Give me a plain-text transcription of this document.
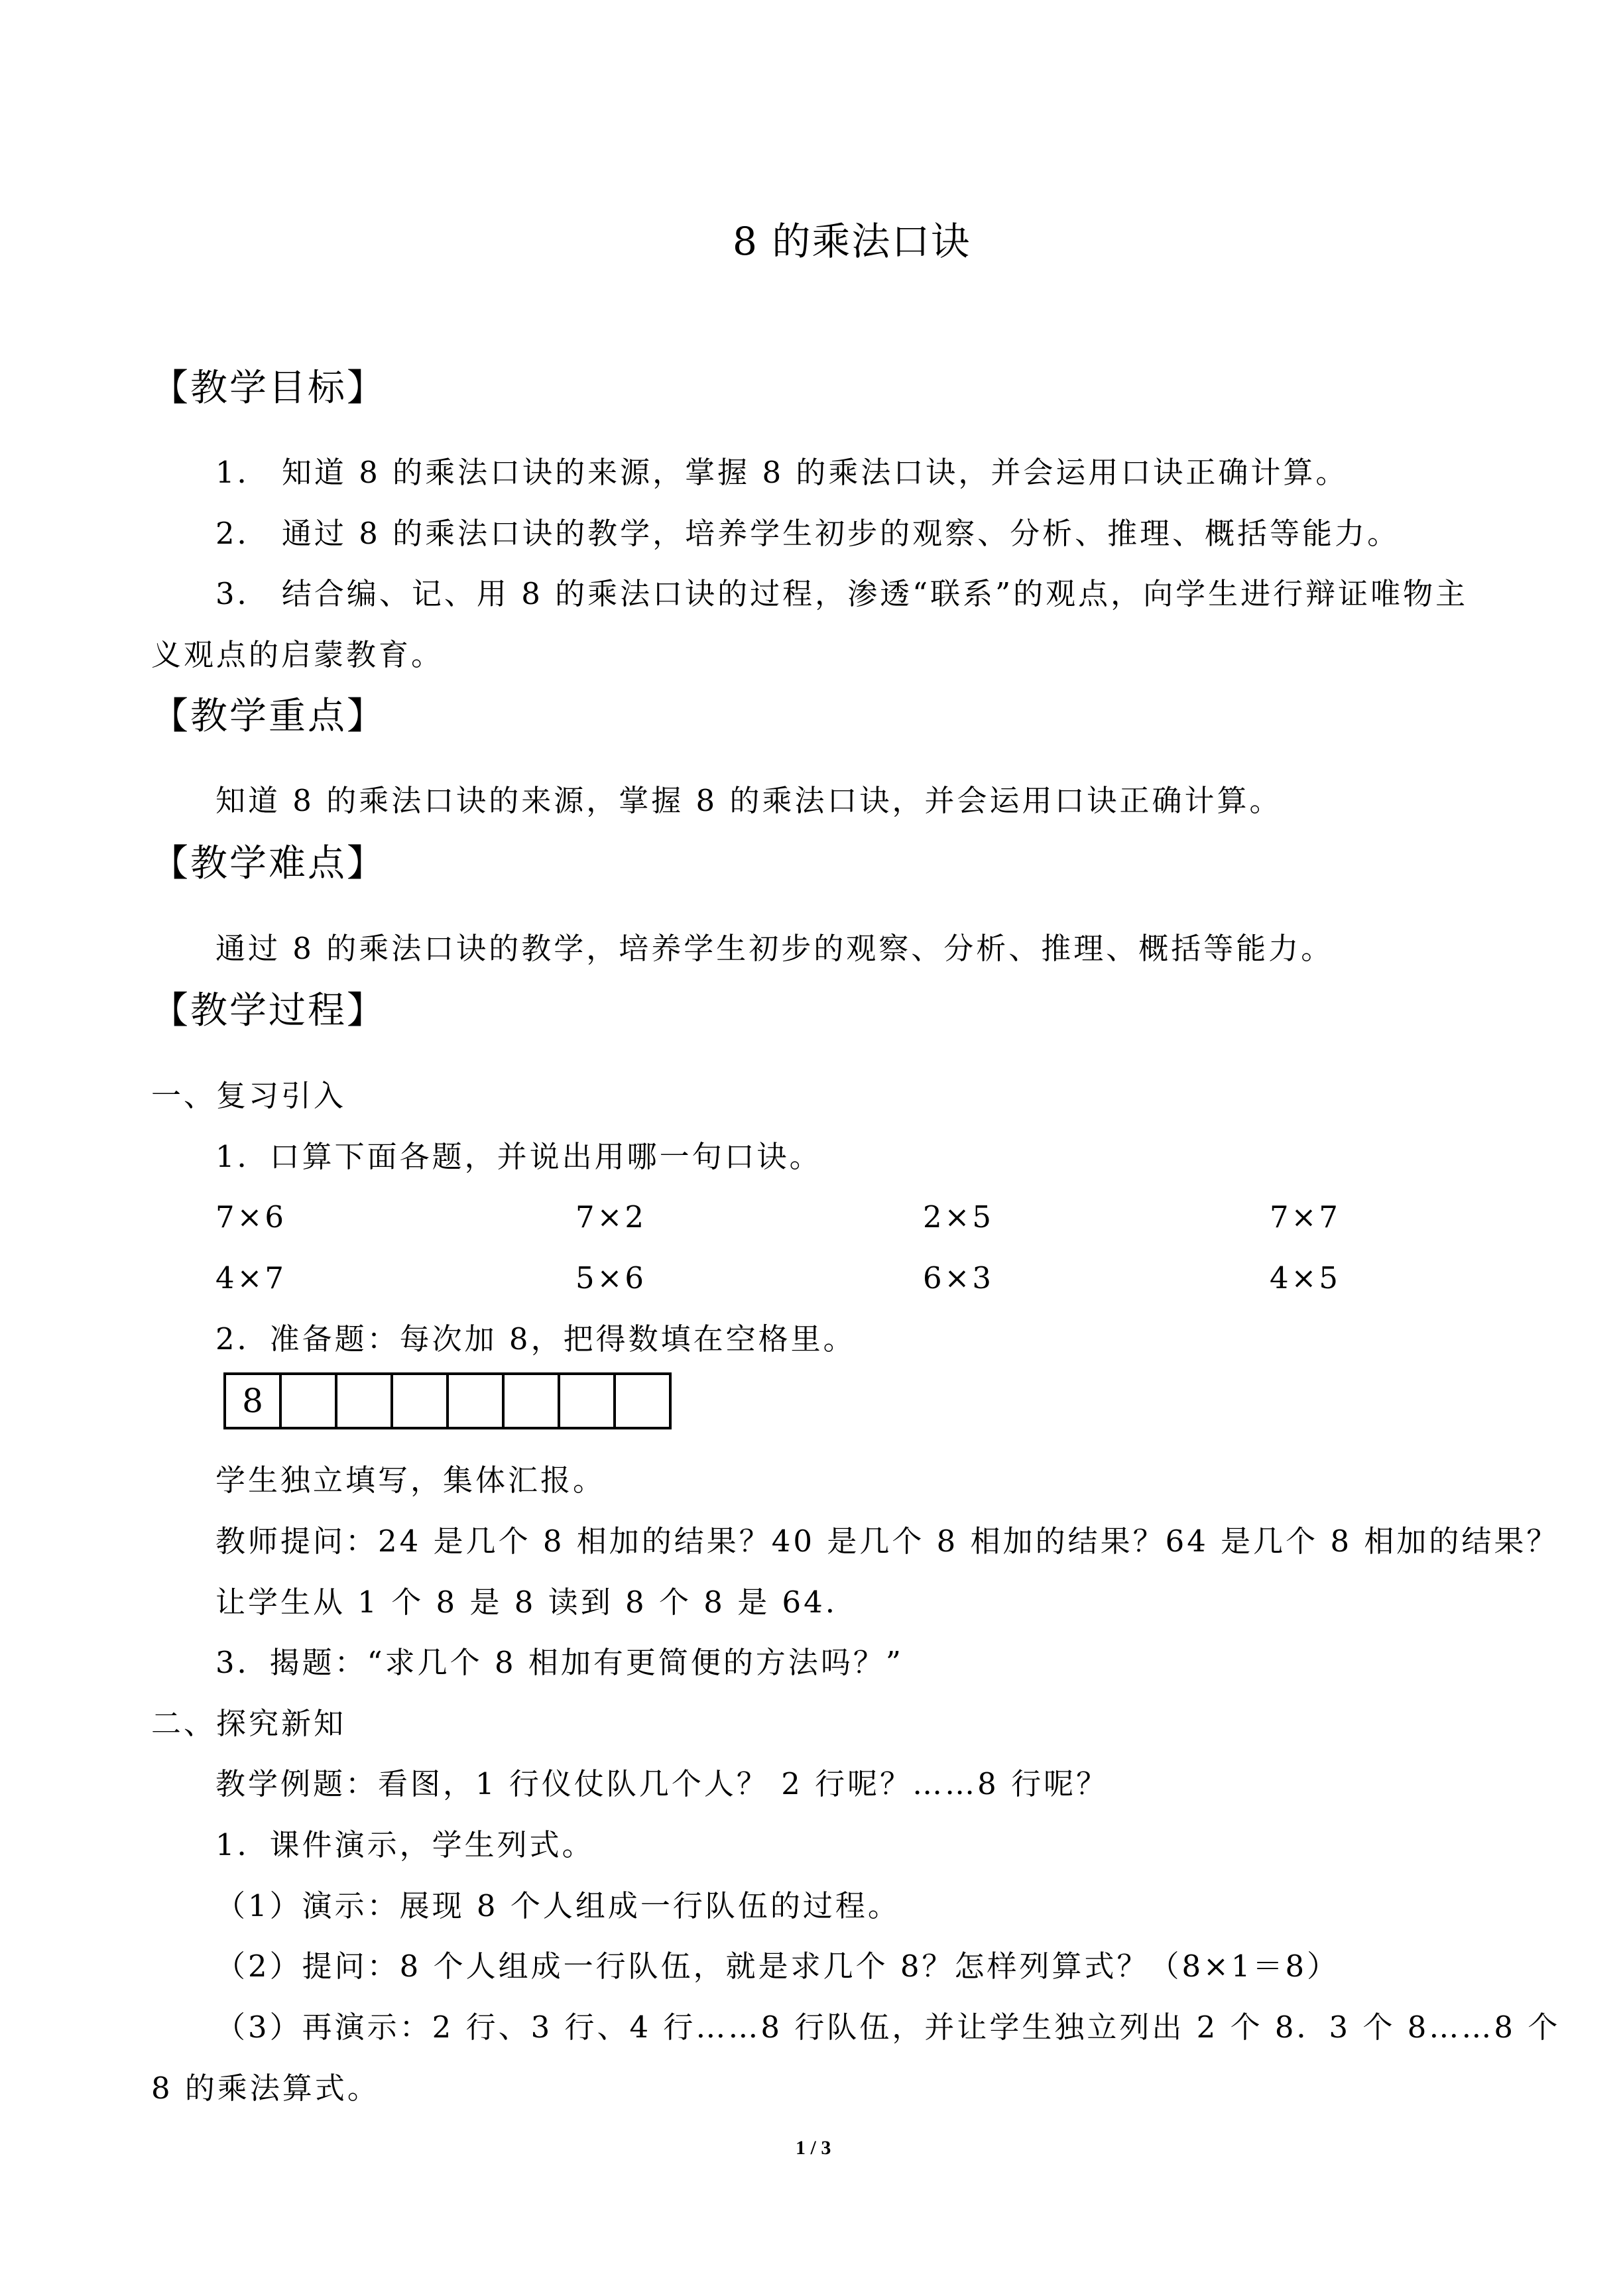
8 的乘法口诀
【教学目标】
1． 知道 8 的乘法口诀的来源，掌握 8 的乘法口诀，并会运用口诀正确计算。
2． 通过 8 的乘法口诀的教学，培养学生初步的观察、分析、推理、概括等能力。
3． 结合编、记、用 8 的乘法口诀的过程，渗透“联系”的观点，向学生进行辩证唯物主
义观点的启蒙教育。
【教学重点】
知道 8 的乘法口诀的来源，掌握 8 的乘法口诀，并会运用口诀正确计算。
【教学难点】
通过 8 的乘法口诀的教学，培养学生初步的观察、分析、推理、概括等能力。
【教学过程】
一、复习引入
1．口算下面各题，并说出用哪一句口诀。
7×6	7×2	2×5	7×7
4×7	5×6	6×3	4×5
2．准备题：每次加 8，把得数填在空格里。
8
学生独立填写，集体汇报。
教师提问：24 是几个 8 相加的结果？40 是几个 8 相加的结果？64 是几个 8 相加的结果？
让学生从 1 个 8 是 8 读到 8 个 8 是 64.
3．揭题：“求几个 8 相加有更简便的方法吗？”
二、探究新知
教学例题：看图，1 行仪仗队几个人？ 2 行呢？……8 行呢？
1．课件演示，学生列式。
（1）演示：展现 8 个人组成一行队伍的过程。
（2）提问：8 个人组成一行队伍，就是求几个 8？怎样列算式？（8×1＝8）
（3）再演示：2 行、3 行、4 行……8 行队伍，并让学生独立列出 2 个 8．3 个 8……8 个
8 的乘法算式。
1 / 3
